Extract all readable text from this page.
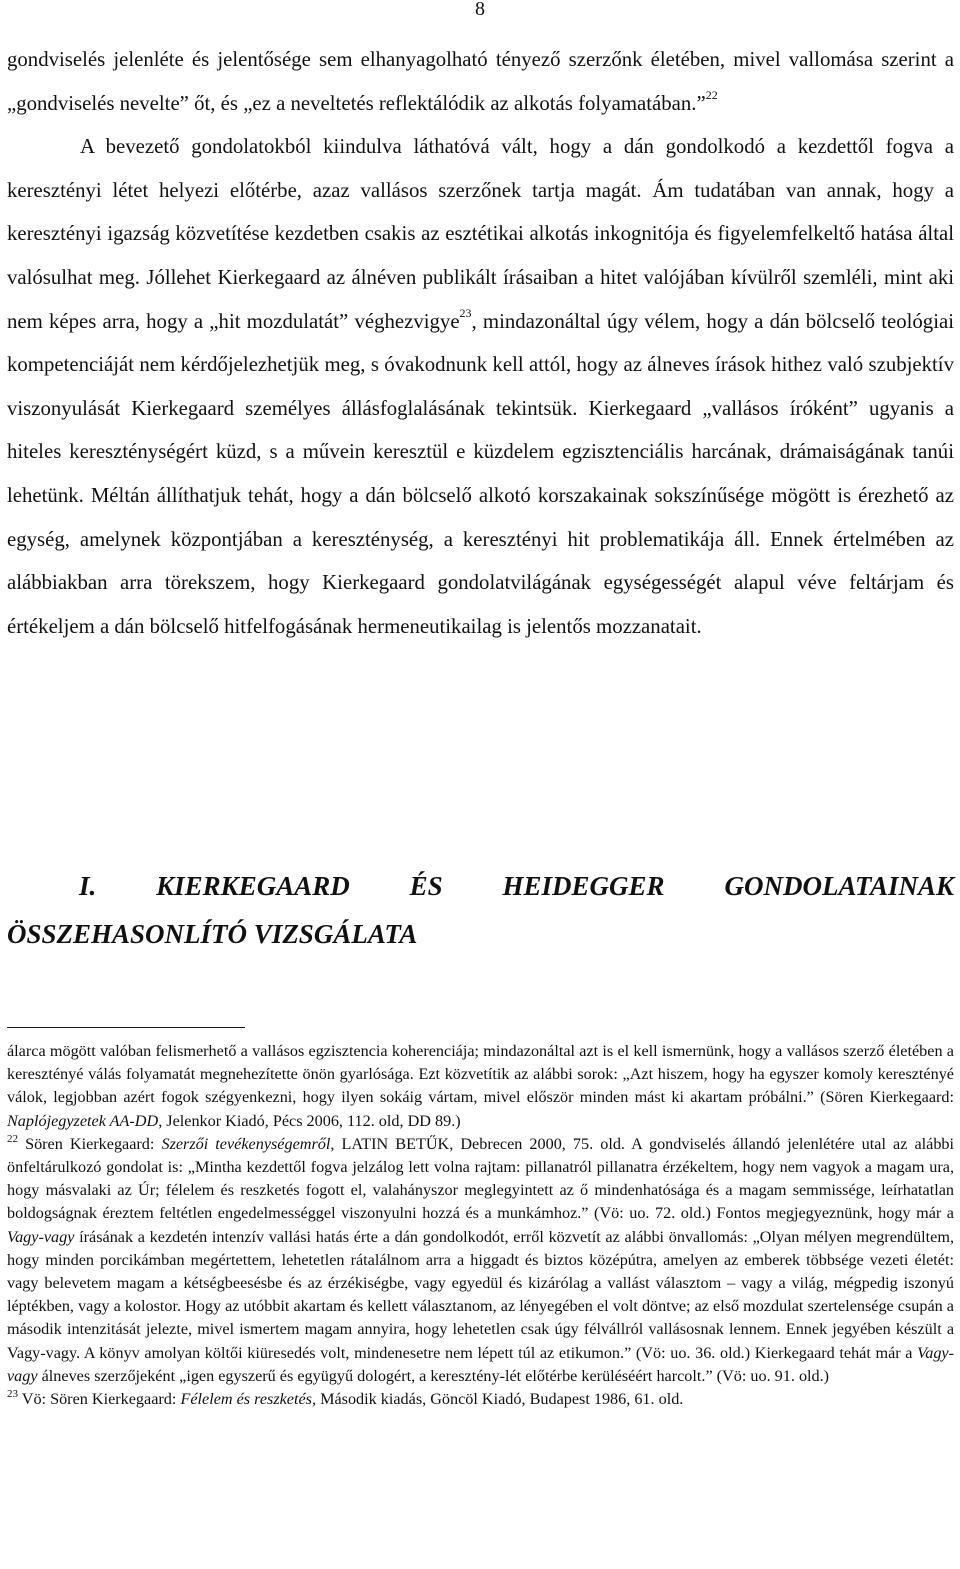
8

gondviselés jelenléte és jelentősége sem elhanyagolható tényező szerzőnk életében, mivel vallomása szerint a „gondviselés nevelte” őt, és „ez a neveltetés reflektálódik az alkotás folyamatában.”$^{22}$

A bevezető gondolatokból kiindulva láthatóvá vált, hogy a dán gondolkodó a kezdettől fogva a keresztényi létet helyezi előtérbe, azaz vallásos szerzőnek tartja magát. Ám tudatában van annak, hogy a keresztényi igazság közvetítése kezdetben csakis az esztétikai alkotás inkognitója és figyelemfelkeltő hatása által valósulhat meg. Jóllehet Kierkegaard az álnéven publikált írásaiban a hitet valójában kívülről szemléli, mint aki nem képes arra, hogy a „hit mozdulatát” véghezvigye$^{23}$, mindazonáltal úgy vélem, hogy a dán bölcselő teológiai kompetenciáját nem kérdőjelezhetjük meg, s óvakodnunk kell attól, hogy az álneves írások hithez való szubjektív viszonyulását Kierkegaard személyes állásfoglalásának tekintsük. Kierkegaard „vallásos íróként” ugyanis a hiteles kereszténységért küzd, s a művein keresztül e küzdelem egzisztenciális harcának, drámaiságának tanúi lehetünk. Méltán állíthatjuk tehát, hogy a dán bölcselő alkotó korszakainak sokszínűsége mögött is érezhető az egység, amelynek központjában a kereszténység, a keresztényi hit problematikája áll. Ennek értelmében az alábbiakban arra törekszem, hogy Kierkegaard gondolatvilágának egységességét alapul véve feltárjam és értékeljem a dán bölcselő hitfelfogásának hermeneutikailag is jelentős mozzanatait.

I. KIERKEGAARD ÉS HEIDEGGER GONDOLATAINAK
ÖSSZEHASONLÍTÓ VIZSGÁLATA

álarca mögött valóban felismerhető a vallásos egzisztencia koherenciája; mindazonáltal azt is el kell ismernünk, hogy a vallásos szerző életében a keresztényé válás folyamatát megnehezítette önön gyarlósága. Ezt közvetítik az alábbi sorok: „Azt hiszem, hogy ha egyszer komoly keresztényé válok, legjobban azért fogok szégyenkezni, hogy ilyen sokáig vártam, mivel először minden mást ki akartam próbálni.” (Sören Kierkegaard: Naplójegyzetek AA-DD, Jelenkor Kiadó, Pécs 2006, 112. old, DD 89.)

$^{22}$ Sören Kierkegaard: Szerzői tevékenységemről, LATIN BETŰK, Debrecen 2000, 75. old. A gondviselés állandó jelenlétére utal az alábbi önfeltárulkozó gondolat is: „Mintha kezdettől fogva jelzálog lett volna rajtam: pillanatról pillanatra érzékeltem, hogy nem vagyok a magam ura, hogy másvalaki az Úr; félelem és reszketés fogott el, valahányszor meglegyintett az ő mindenhatósága és a magam semmissége, leírhatatlan boldogságnak éreztem feltétlen engedelmességgel viszonyulni hozzá és a munkámhoz.” (Vö: uo. 72. old.) Fontos megjegyeznünk, hogy már a Vagy-vagy írásának a kezdetén intenzív vallási hatás érte a dán gondolkodót, erről közvetít az alábbi önvallomás: „Olyan mélyen megrendültem, hogy minden porcikámban megértettem, lehetetlen rátalálnom arra a higgadt és biztos középútra, amelyen az emberek többsége vezeti életét: vagy belevetem magam a kétségbeesésbe és az érzékiségbe, vagy egyedül és kizárólag a vallást választom – vagy a világ, mégpedig iszonyú léptékben, vagy a kolostor. Hogy az utóbbit akartam és kellett választanom, az lényegében el volt döntve; az első mozdulat szertelensége csupán a második intenzitását jelezte, mivel ismertem magam annyira, hogy lehetetlen csak úgy félvállról vallásosnak lennem. Ennek jegyében készült a Vagy-vagy. A könyv amolyan költői kiüresedés volt, mindenesetre nem lépett túl az etikumon.” (Vö: uo. 36. old.) Kierkegaard tehát már a Vagy-vagy álneves szerzőjeként „igen egyszerű és együgyű dologért, a keresztény-lét előtérbe kerüléséért harcolt.” (Vö: uo. 91. old.)

$^{23}$ Vö: Sören Kierkegaard: Félelem és reszketés, Második kiadás, Göncöl Kiadó, Budapest 1986, 61. old.
